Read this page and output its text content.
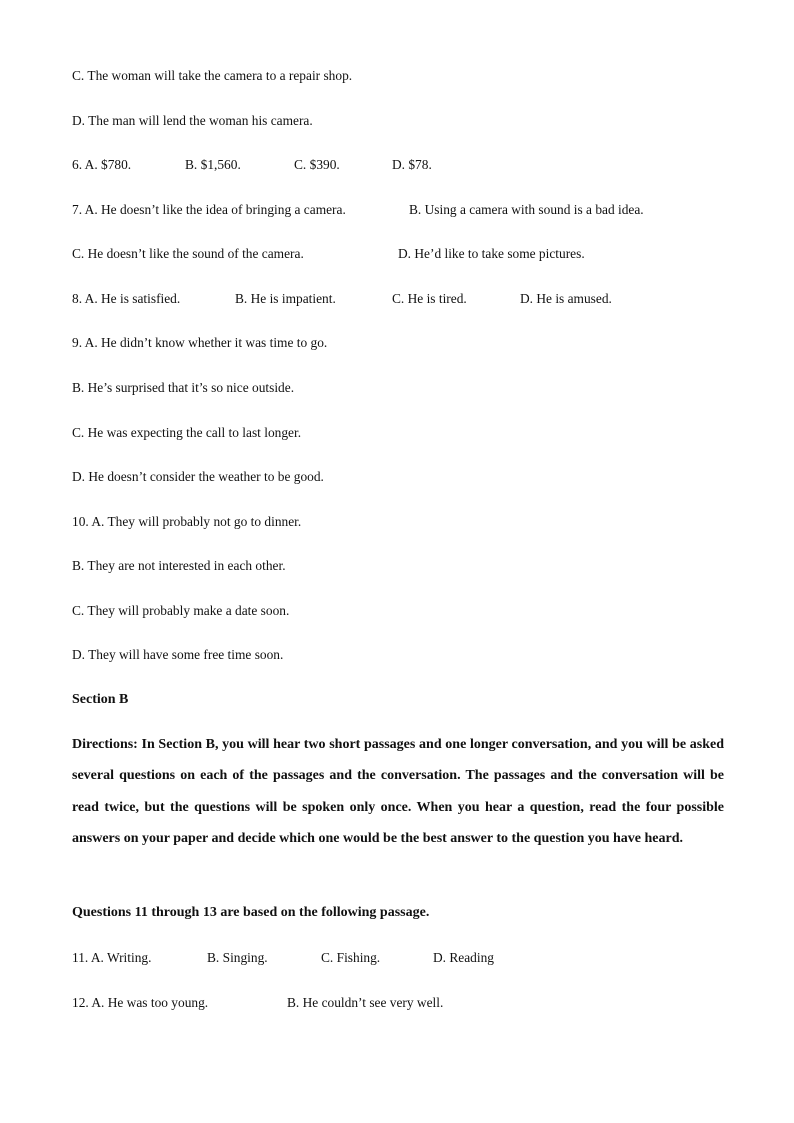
C. The woman will take the camera to a repair shop.
D. The man will lend the woman his camera.
6. A. $780.	B. $1,560.	C. $390.	D. $78.
7. A. He doesn’t like the idea of bringing a camera.	B. Using a camera with sound is a bad idea.
C. He doesn’t like the sound of the camera.	D. He’d like to take some pictures.
8. A. He is satisfied.	B. He is impatient.	C. He is tired.	D. He is amused.
9. A. He didn’t know whether it was time to go.
B. He’s surprised that it’s so nice outside.
C. He was expecting the call to last longer.
D. He doesn’t consider the weather to be good.
10. A. They will probably not go to dinner.
B. They are not interested in each other.
C. They will probably make a date soon.
D. They will have some free time soon.
Section B
Directions: In Section B, you will hear two short passages and one longer conversation, and you will be asked several questions on each of the passages and the conversation. The passages and the conversation will be read twice, but the questions will be spoken only once. When you hear a question, read the four possible answers on your paper and decide which one would be the best answer to the question you have heard.
Questions 11 through 13 are based on the following passage.
11. A. Writing.	B. Singing.	C. Fishing.	D. Reading
12. A. He was too young.	B. He couldn’t see very well.
